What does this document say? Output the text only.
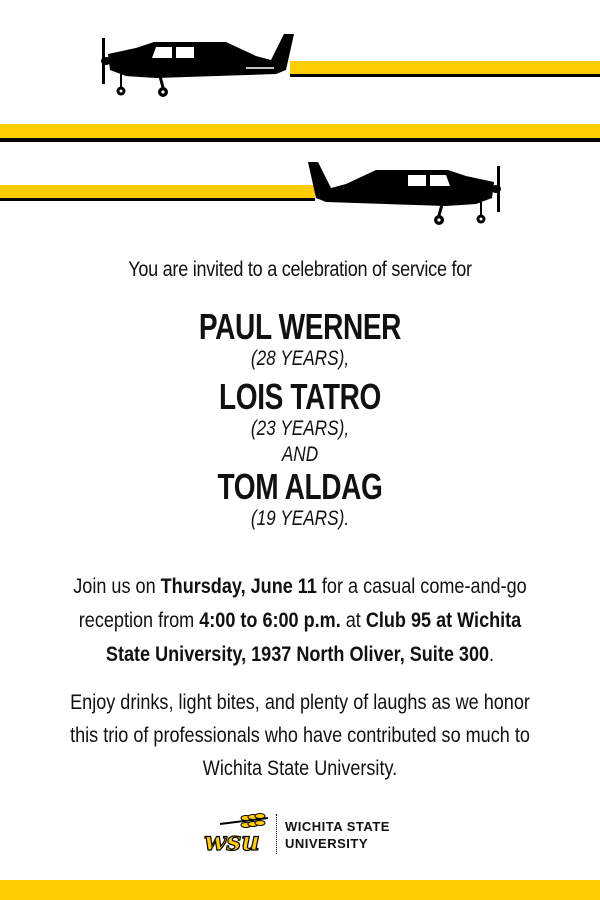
You are invited to a celebration of service for
PAUL WERNER
(28 YEARS),
LOIS TATRO
(23 YEARS),
AND
TOM ALDAG
(19 YEARS).
Join us on Thursday, June 11 for a casual come-and-go reception from 4:00 to 6:00 p.m. at Club 95 at Wichita State University, 1937 North Oliver, Suite 300.
Enjoy drinks, light bites, and plenty of laughs as we honor this trio of professionals who have contributed so much to Wichita State University.
wsu
WICHITA STATE
UNIVERSITY
